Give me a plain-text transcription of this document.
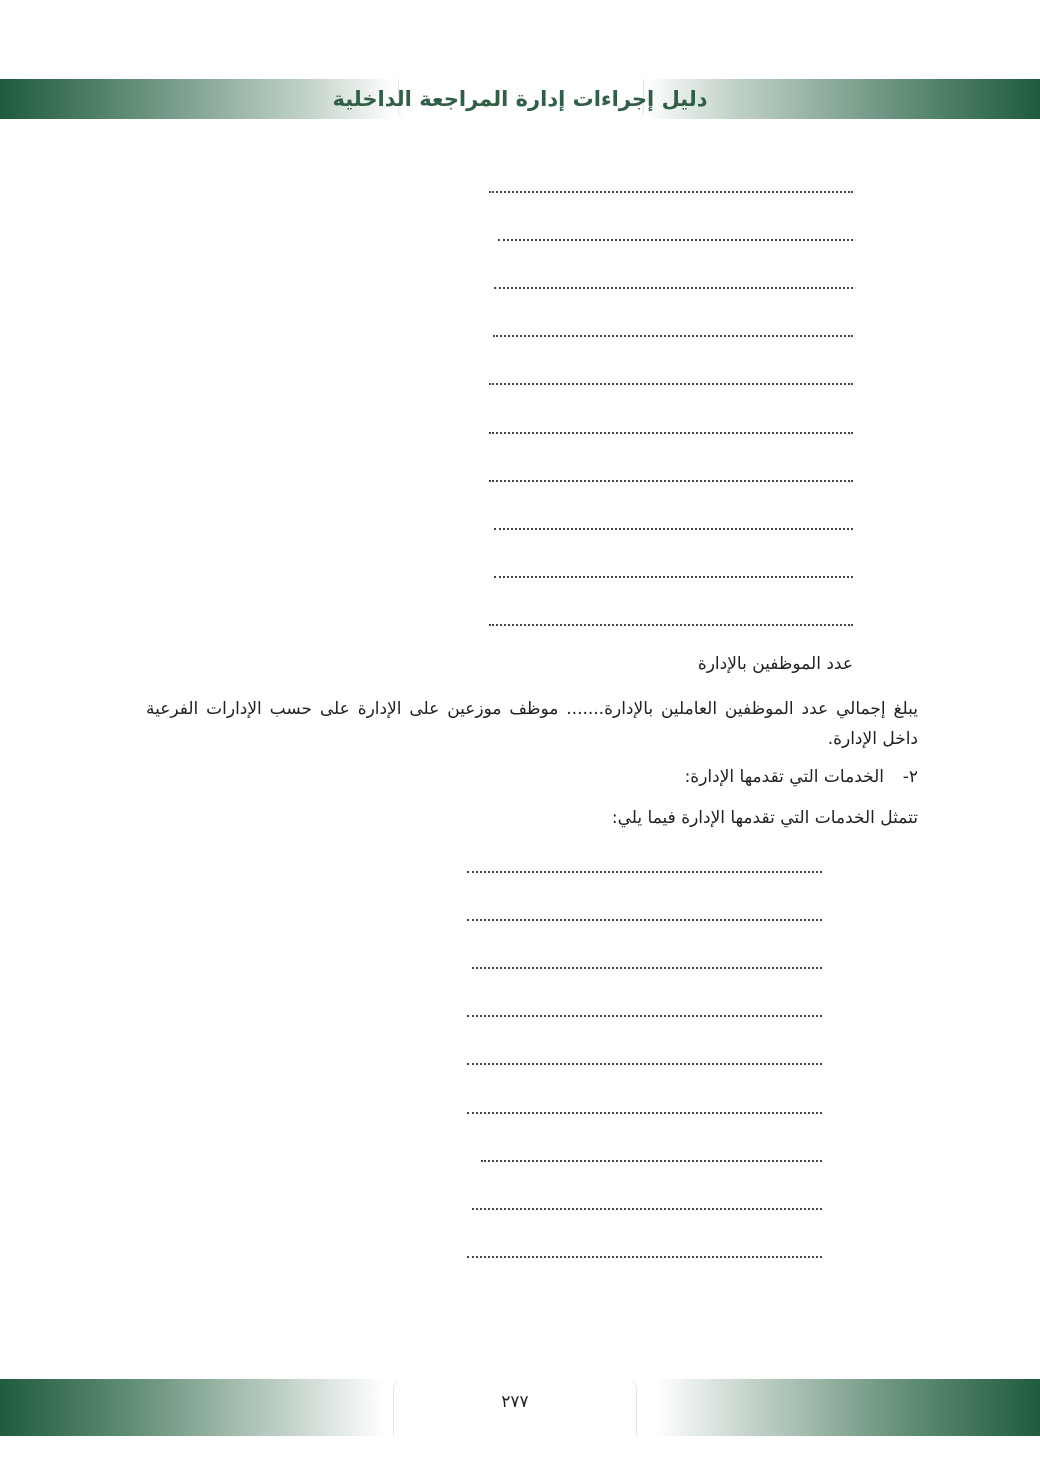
دليل إجراءات إدارة المراجعة الداخلية
عدد الموظفين بالإدارة
يبلغ إجمالي عدد الموظفين العاملين بالإدارة....... موظف موزعين على الإدارة على حسب الإدارات الفرعية داخل الإدارة.
٢-الخدمات التي تقدمها الإدارة:
تتمثل الخدمات التي تقدمها الإدارة فيما يلي:
٢٧٧
